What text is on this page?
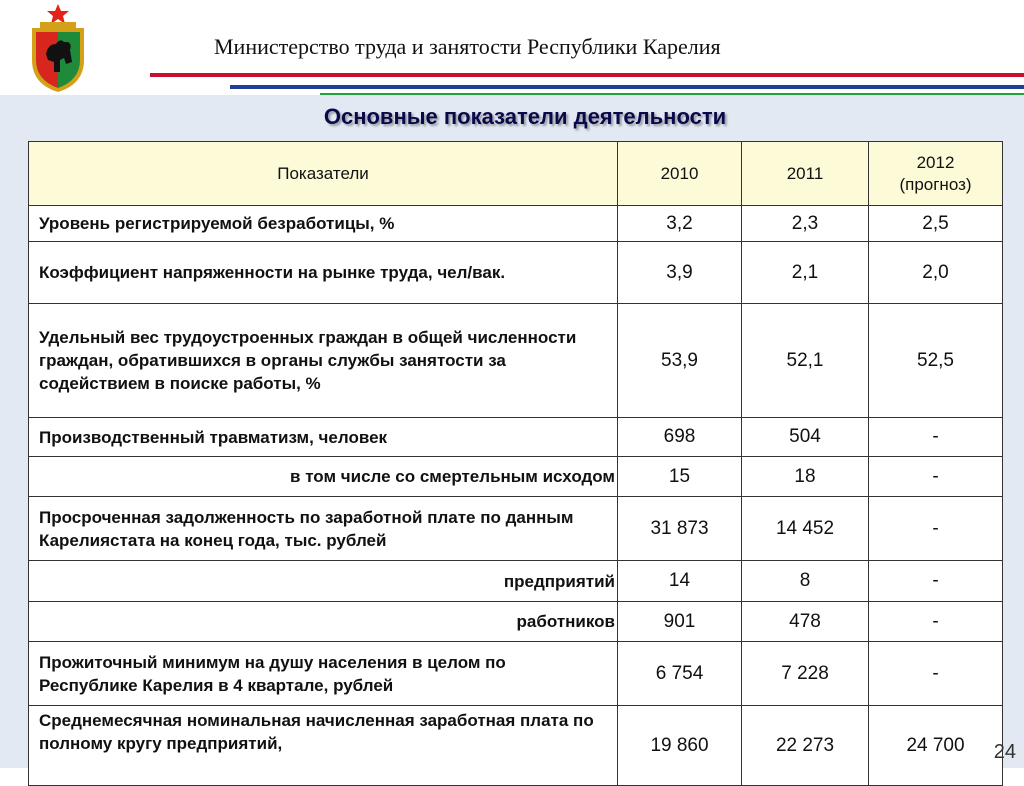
Министерство труда и занятости Республики Карелия
Основные показатели деятельности
Показатели	2010	2011	2012
(прогноз)
Уровень регистрируемой безработицы, %	3,2	2,3	2,5
Коэффициент напряженности на рынке труда, чел/вак.	3,9	2,1	2,0
Удельный вес трудоустроенных граждан в общей численности граждан, обратившихся в органы службы занятости за содействием в поиске работы, %	53,9	52,1	52,5
Производственный травматизм, человек	698	504	-
в том числе со смертельным исходом	15	18	-
Просроченная задолженность по заработной плате по данным Карелиястата на конец года, тыс. рублей	31 873	14 452	-
предприятий	14	8	-
работников	901	478	-
Прожиточный минимум на душу населения в целом по Республике Карелия в 4 квартале, рублей	6 754	7 228	-
Среднемесячная номинальная начисленная заработная плата по полному кругу предприятий,	19 860	22 273	24 700 24
